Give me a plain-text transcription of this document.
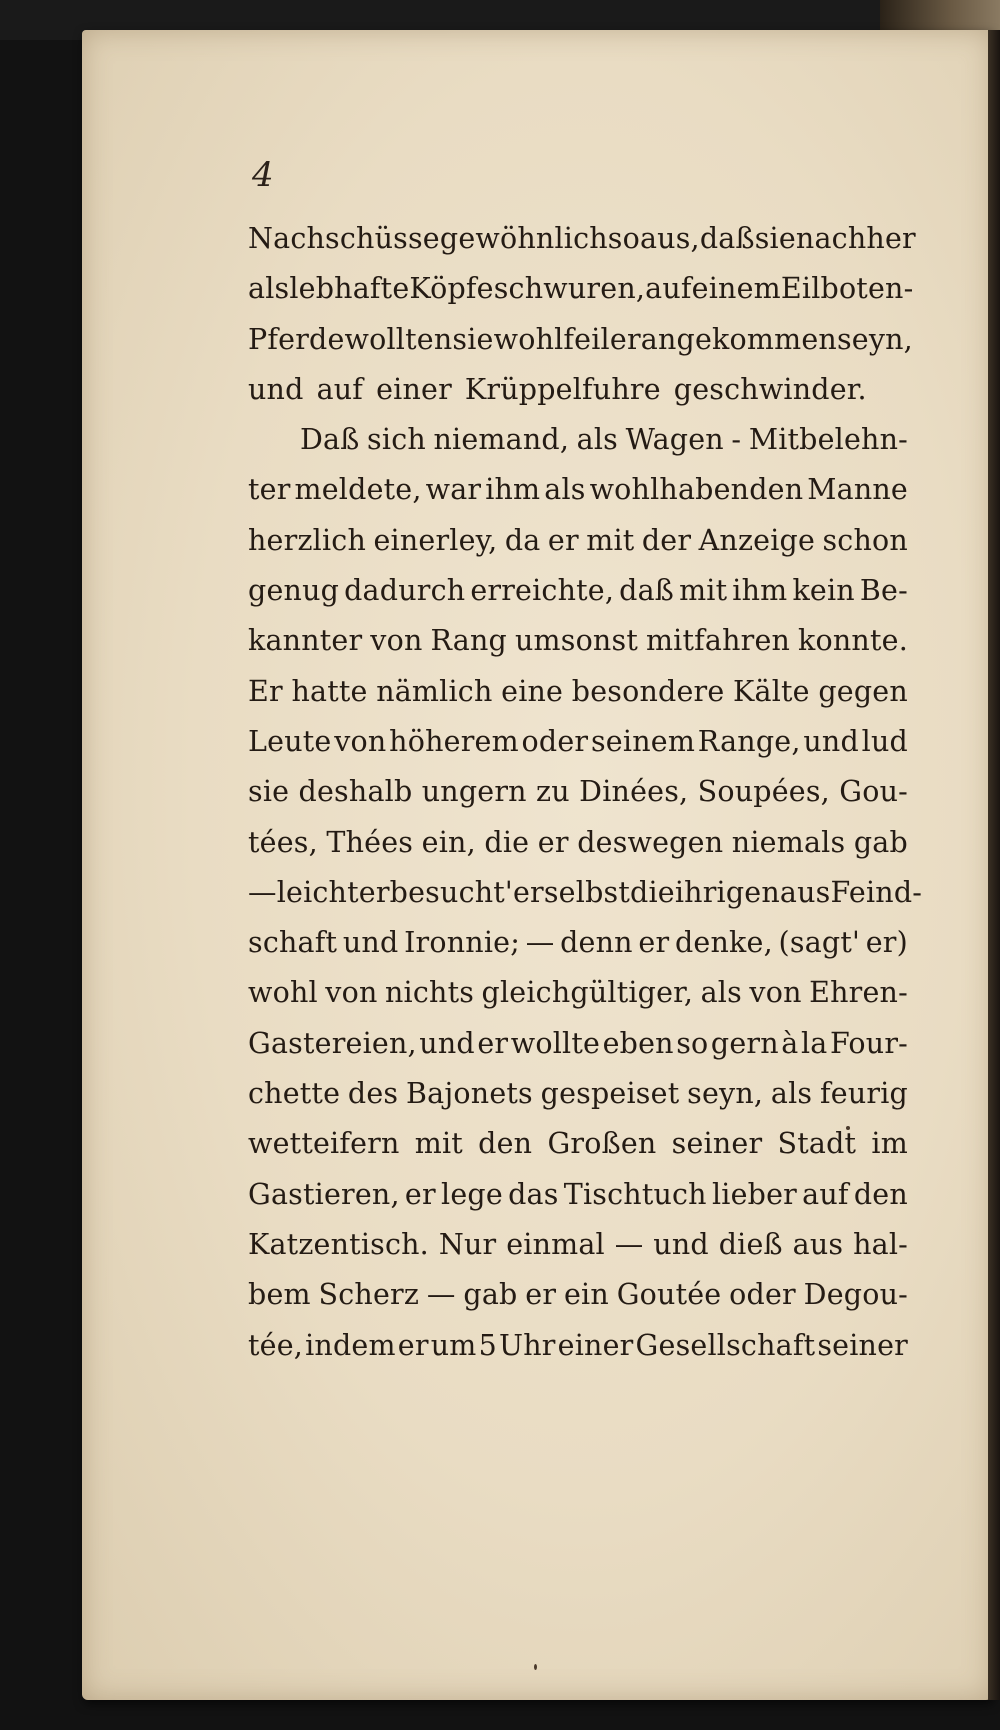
4
Nachschüsse gewöhnlich so aus, daß sie nachher
als lebhafte Köpfe schwuren, auf einem Eilboten-
Pferde wollten sie wohlfeiler angekommen seyn,
und auf einer Krüppelfuhre geschwinder.
Daß sich niemand, als Wagen - Mitbelehn-
ter meldete, war ihm als wohlhabenden Manne
herzlich einerley, da er mit der Anzeige schon
genug dadurch erreichte, daß mit ihm kein Be-
kannter von Rang umsonst mitfahren konnte.
Er hatte nämlich eine besondere Kälte gegen
Leute von höherem oder seinem Range, und lud
sie deshalb ungern zu Dinées, Soupées, Gou-
tées, Thées ein, die er deswegen niemals gab
— leichter besucht' er selbst die ihrigen aus Feind-
schaft und Ironnie; — denn er denke, (sagt' er)
wohl von nichts gleichgültiger, als von Ehren-
Gastereien, und er wollte eben so gern à la Four-
chette des Bajonets gespeiset seyn, als feurig
wetteifern mit den Großen seiner Stadt im
Gastieren, er lege das Tischtuch lieber auf den
Katzentisch. Nur einmal — und dieß aus hal-
bem Scherz — gab er ein Goutée oder Degou-
tée, indem er um 5 Uhr einer Gesellschaft seiner
